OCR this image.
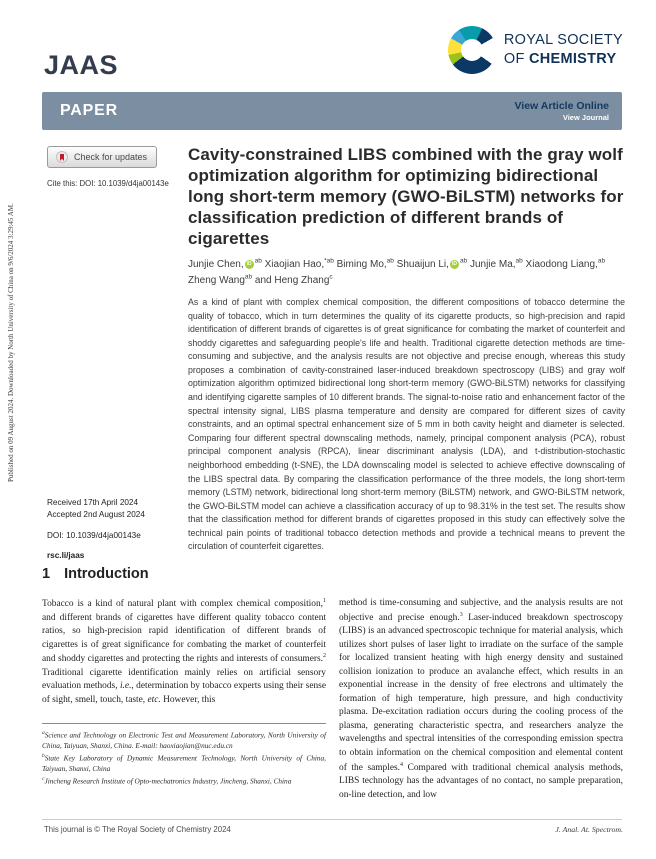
Published on 09 August 2024. Downloaded by North University of China on 9/6/2024 3:29:45 AM.
JAAS
ROYAL SOCIETY
OF CHEMISTRY
PAPER	View Article Online
View Journal
Check for updates
Cite this: DOI: 10.1039/d4ja00143e
Cavity-constrained LIBS combined with the gray wolf optimization algorithm for optimizing bidirectional long short-term memory (GWO-BiLSTM) networks for classification prediction of different brands of cigarettes
Junjie Chen, iD $^{ab}$ Xiaojian Hao,$^{*ab}$ Biming Mo,$^{ab}$ Shuaijun Li, iD $^{ab}$ Junjie Ma,$^{ab}$ Xiaodong Liang,$^{ab}$ Zheng Wang$^{ab}$ and Heng Zhang$^c$
As a kind of plant with complex chemical composition, the different compositions of tobacco determine the quality of tobacco, which in turn determines the quality of its cigarette products, so high-precision and rapid identification of different brands of cigarettes is of great significance for combating the market of counterfeit and shoddy cigarettes and safeguarding people's life and health. Traditional cigarette detection methods are time-consuming and subjective, and the analysis results are not objective and precise enough, whereas this study proposes a combination of cavity-constrained laser-induced breakdown spectroscopy (LIBS) and gray wolf optimization algorithm optimized bidirectional long short-term memory (GWO-BiLSTM) networks for classifying and identifying cigarette samples of 10 different brands. The signal-to-noise ratio and enhancement factor of the spectral intensity signal, LIBS plasma temperature and density are compared for different sizes of cavity constraints, and an optimal spectral enhancement size of 5 mm in both cavity height and diameter is selected. Comparing four different spectral downscaling methods, namely, principal component analysis (PCA), robust principal component analysis (RPCA), linear discriminant analysis (LDA), and t-distribution-stochastic neighborhood embedding (t-SNE), the LDA downscaling model is selected to achieve effective downscaling of the LIBS spectral data. By comparing the classification performance of the three models, the long short-term memory (LSTM) network, bidirectional long short-term memory (BiLSTM) network, and GWO-BiLSTM network, the GWO-BiLSTM model can achieve a classification accuracy of up to 98.31% in the test set. The results show that the classification method for different brands of cigarettes proposed in this study can effectively solve the technical pain points of traditional tobacco detection methods and provide a technical means to prevent the circulation of counterfeit cigarettes.
Received 17th April 2024
Accepted 2nd August 2024
DOI: 10.1039/d4ja00143e
rsc.li/jaas
1 Introduction
Tobacco is a kind of natural plant with complex chemical composition,$^1$ and different brands of cigarettes have different quality tobacco content ratios, so high-precision rapid identification of different brands of cigarettes is of great significance for combating the market of counterfeit and shoddy cigarettes and protecting the rights and interests of consumers.$^2$ Traditional cigarette identification mainly relies on artificial sensory evaluation methods, i.e., determination by tobacco experts using their sense of sight, smell, touch, taste, etc. However, this
$^a$Science and Technology on Electronic Test and Measurement Laboratory, North University of China, Taiyuan, Shanxi, China. E-mail: haoxiaojian@nuc.edu.cn
$^b$State Key Laboratory of Dynamic Measurement Technology, North University of China, Taiyuan, Shanxi, China
$^c$Jincheng Research Institute of Opto-mechatronics Industry, Jincheng, Shanxi, China
method is time-consuming and subjective, and the analysis results are not objective and precise enough.$^3$ Laser-induced breakdown spectroscopy (LIBS) is an advanced spectroscopic technique for material analysis, which utilizes short pulses of laser light to irradiate on the surface of the sample for localized transient heating with high energy density and sustained collision ionization to produce an avalanche effect, which results in an exponential increase in the density of free electrons and ultimately the formation of high temperature, high pressure, and high conductivity plasma. De-excitation radiation occurs during the cooling process of the plasma, generating characteristic spectra, and researchers analyze the wavelengths and spectral intensities of the corresponding emission spectra to obtain information on the chemical composition and elemental content of the samples.$^4$ Compared with traditional chemical analysis methods, LIBS technology has the advantages of no contact, no sample preparation, on-line detection, and low
This journal is © The Royal Society of Chemistry 2024	J. Anal. At. Spectrom.
